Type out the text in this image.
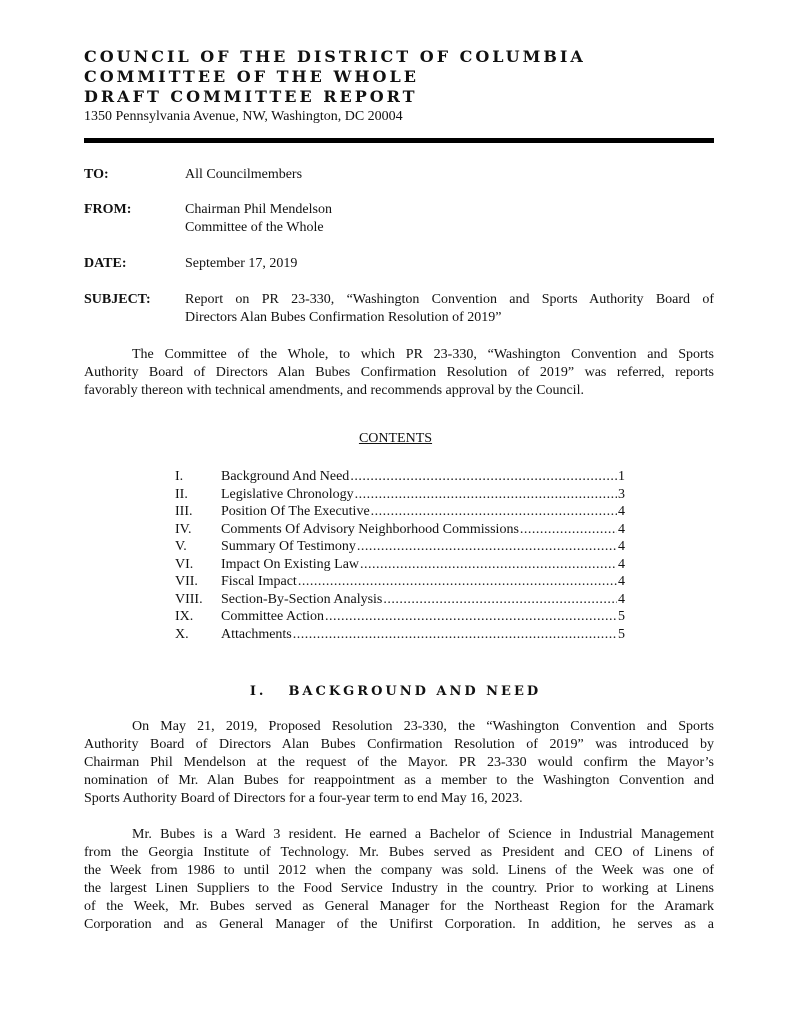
COUNCIL OF THE DISTRICT OF COLUMBIA
COMMITTEE OF THE WHOLE
DRAFT COMMITTEE REPORT
1350 Pennsylvania Avenue, NW, Washington, DC 20004
TO:	All Councilmembers
FROM:	Chairman Phil Mendelson
Committee of the Whole
DATE:	September 17, 2019
SUBJECT: Report on PR 23-330, “Washington Convention and Sports Authority Board of
Directors Alan Bubes Confirmation Resolution of 2019”
The Committee of the Whole, to which PR 23-330, “Washington Convention and Sports
Authority Board of Directors Alan Bubes Confirmation Resolution of 2019” was referred, reports
favorably thereon with technical amendments, and recommends approval by the Council.
CONTENTS
I.	Background And Need .....	1
II.	Legislative Chronology .....	3
III.	Position Of The Executive .....	4
IV.	Comments Of Advisory Neighborhood Commissions .....	4
V.	Summary Of Testimony .....	4
VI.	Impact On Existing Law .....	4
VII.	Fiscal Impact .....	4
VIII.	Section-By-Section Analysis .....	4
IX.	Committee Action .....	5
X.	Attachments .....	5
I. BACKGROUND AND NEED
On May 21, 2019, Proposed Resolution 23-330, the “Washington Convention and Sports
Authority Board of Directors Alan Bubes Confirmation Resolution of 2019” was introduced by
Chairman Phil Mendelson at the request of the Mayor. PR 23-330 would confirm the Mayor’s
nomination of Mr. Alan Bubes for reappointment as a member to the Washington Convention and
Sports Authority Board of Directors for a four-year term to end May 16, 2023.
Mr. Bubes is a Ward 3 resident. He earned a Bachelor of Science in Industrial Management
from the Georgia Institute of Technology. Mr. Bubes served as President and CEO of Linens of
the Week from 1986 to until 2012 when the company was sold. Linens of the Week was one of
the largest Linen Suppliers to the Food Service Industry in the country. Prior to working at Linens
of the Week, Mr. Bubes served as General Manager for the Northeast Region for the Aramark
Corporation and as General Manager of the Unifirst Corporation. In addition, he serves as a
